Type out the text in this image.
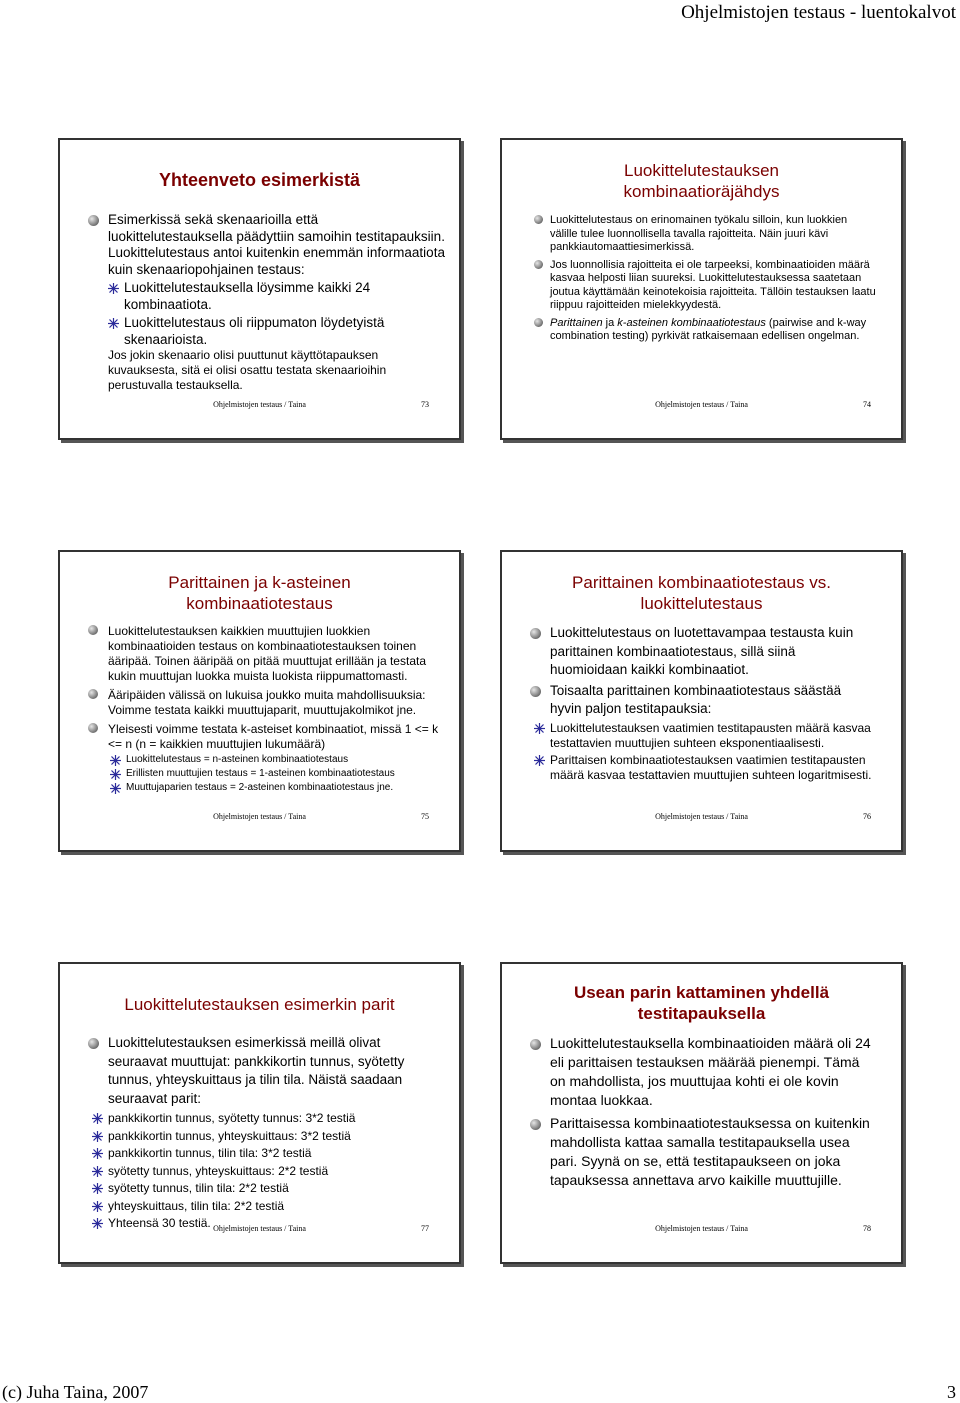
Ohjelmistojen testaus - luentokalvot
Yhteenveto esimerkistä

Esimerkissä sekä skenaarioilla että luokittelutestauksella päädyttiin samoihin testitapauksiin. Luokittelutestaus antoi kuitenkin enemmän informaatiota kuin skenaariopohjainen testaus:

Luokittelutestauksella löysimme kaikki 24 kombinaatiota.

Luokittelutestaus oli riippumaton löydetyistä skenaarioista.

Jos jokin skenaario olisi puuttunut käyttötapauksen kuvauksesta, sitä ei olisi osattu testata skenaarioihin perustuvalla testauksella.

Ohjelmistojen testaus / Taina	73
Luokittelutestauksen kombinaatioräjähdys

Luokittelutestaus on erinomainen työkalu silloin, kun luokkien välille tulee luonnollisella tavalla rajoitteita. Näin juuri kävi pankkiautomaattiesimerkissä.

Jos luonnollisia rajoitteita ei ole tarpeeksi, kombinaatioiden määrä kasvaa helposti liian suureksi. Luokittelutestauksessa saatetaan joutua käyttämään keinotekoisia rajoitteita. Tällöin testauksen laatu riippuu rajoitteiden mielekkyydestä.

Parittainen ja k-asteinen kombinaatiotestaus (pairwise and k-way combination testing) pyrkivät ratkaisemaan edellisen ongelman.

Ohjelmistojen testaus / Taina	74
Parittainen ja k-asteinen kombinaatiotestaus

Luokittelutestauksen kaikkien muuttujien luokkien kombinaatioiden testaus on kombinaatiotestauksen toinen ääripää. Toinen ääripää on pitää muuttujat erillään ja testata kukin muuttujan luokka muista luokista riippumattomasti.

Ääripäiden välissä on lukuisa joukko muita mahdollisuuksia: Voimme testata kaikki muuttujaparit, muuttujakolmikot jne.

Yleisesti voimme testata k-asteiset kombinaatiot, missä 1 <= k <= n (n = kaikkien muuttujien lukumäärä)

Luokittelutestaus = n-asteinen kombinaatiotestaus

Erillisten muuttujien testaus = 1-asteinen kombinaatiotestaus

Muuttujaparien testaus = 2-asteinen kombinaatiotestaus jne.

Ohjelmistojen testaus / Taina	75
Parittainen kombinaatiotestaus vs. luokittelutestaus

Luokittelutestaus on luotettavampaa testausta kuin parittainen kombinaatiotestaus, sillä siinä huomioidaan kaikki kombinaatiot.

Toisaalta parittainen kombinaatiotestaus säästää hyvin paljon testitapauksia:

Luokittelutestauksen vaatimien testitapausten määrä kasvaa testattavien muuttujien suhteen eksponentiaalisesti.

Parittaisen kombinaatiotestauksen vaatimien testitapausten määrä kasvaa testattavien muuttujien suhteen logaritmisesti.

Ohjelmistojen testaus / Taina	76
Luokittelutestauksen esimerkin parit

Luokittelutestauksen esimerkissä meillä olivat seuraavat muuttujat: pankkikortin tunnus, syötetty tunnus, yhteyskuittaus ja tilin tila. Näistä saadaan seuraavat parit:

pankkikortin tunnus, syötetty tunnus: 3*2 testiä

pankkikortin tunnus, yhteyskuittaus: 3*2 testiä

pankkikortin tunnus, tilin tila: 3*2 testiä

syötetty tunnus, yhteyskuittaus: 2*2 testiä

syötetty tunnus, tilin tila: 2*2 testiä

yhteyskuittaus, tilin tila: 2*2 testiä

Yhteensä 30 testiä. Ohjelmistojen testaus / Taina	77
Usean parin kattaminen yhdellä testitapauksella

Luokittelutestauksella kombinaatioiden määrä oli 24 eli parittaisen testauksen määrää pienempi. Tämä on mahdollista, jos muuttujaa kohti ei ole kovin montaa luokkaa.

Parittaisessa kombinaatiotestauksessa on kuitenkin mahdollista kattaa samalla testitapauksella usea pari. Syynä on se, että testitapaukseen on joka tapauksessa annettava arvo kaikille muuttujille.

Ohjelmistojen testaus / Taina	78
(c) Juha Taina, 2007	3
